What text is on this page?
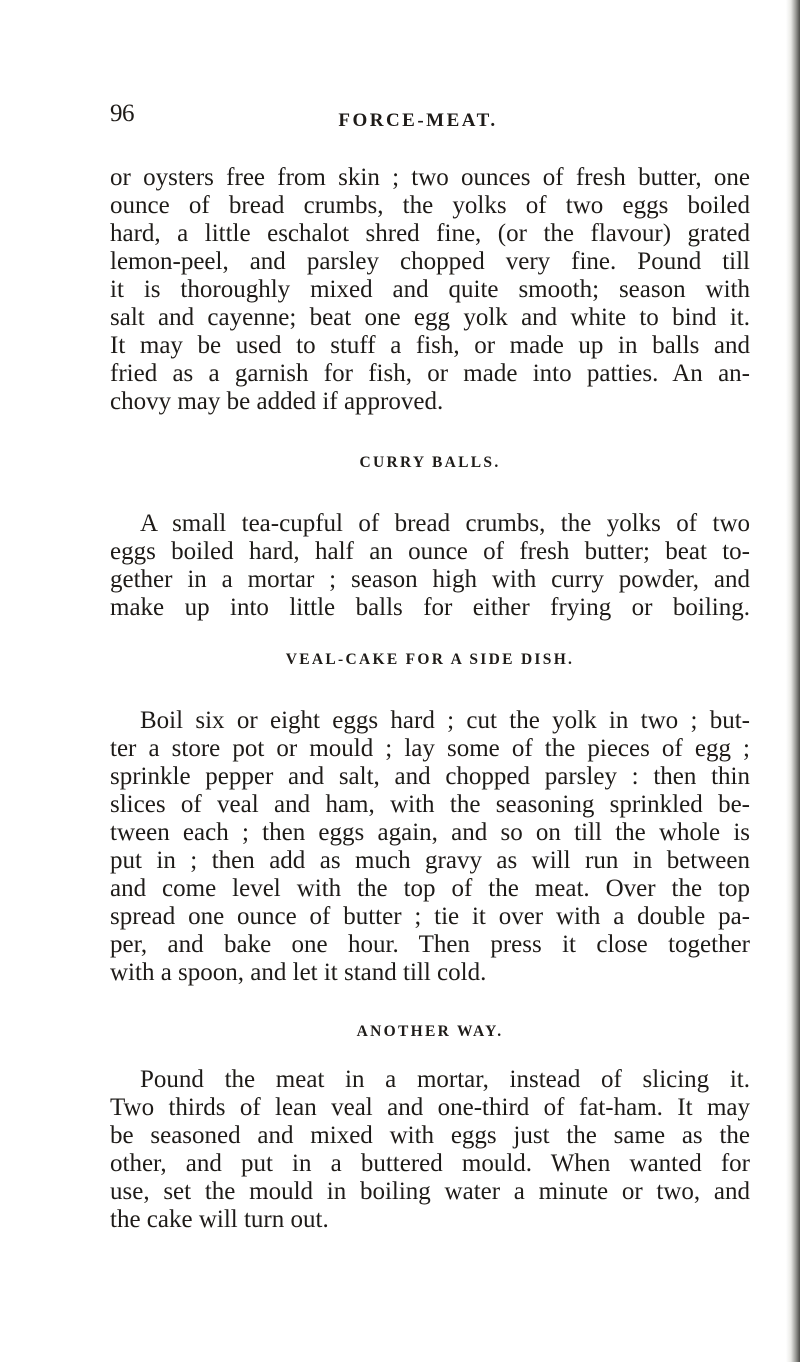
96	FORCE-MEAT.
or oysters free from skin ; two ounces of fresh butter, one
ounce of bread crumbs, the yolks of two eggs boiled
hard, a little eschalot shred fine, (or the flavour) grated
lemon-peel, and parsley chopped very fine. Pound till
it is thoroughly mixed and quite smooth; season with
salt and cayenne; beat one egg yolk and white to bind it.
It may be used to stuff a fish, or made up in balls and
fried as a garnish for fish, or made into patties. An an-
chovy may be added if approved.
CURRY BALLS.
A small tea-cupful of bread crumbs, the yolks of two
eggs boiled hard, half an ounce of fresh butter; beat to-
gether in a mortar ; season high with curry powder, and
make up into little balls for either frying or boiling.
VEAL-CAKE FOR A SIDE DISH.
Boil six or eight eggs hard ; cut the yolk in two ; but-
ter a store pot or mould ; lay some of the pieces of egg ;
sprinkle pepper and salt, and chopped parsley : then thin
slices of veal and ham, with the seasoning sprinkled be-
tween each ; then eggs again, and so on till the whole is
put in ; then add as much gravy as will run in between
and come level with the top of the meat. Over the top
spread one ounce of butter ; tie it over with a double pa-
per, and bake one hour. Then press it close together
with a spoon, and let it stand till cold.
ANOTHER WAY.
Pound the meat in a mortar, instead of slicing it.
Two thirds of lean veal and one-third of fat-ham. It may
be seasoned and mixed with eggs just the same as the
other, and put in a buttered mould. When wanted for
use, set the mould in boiling water a minute or two, and
the cake will turn out.
